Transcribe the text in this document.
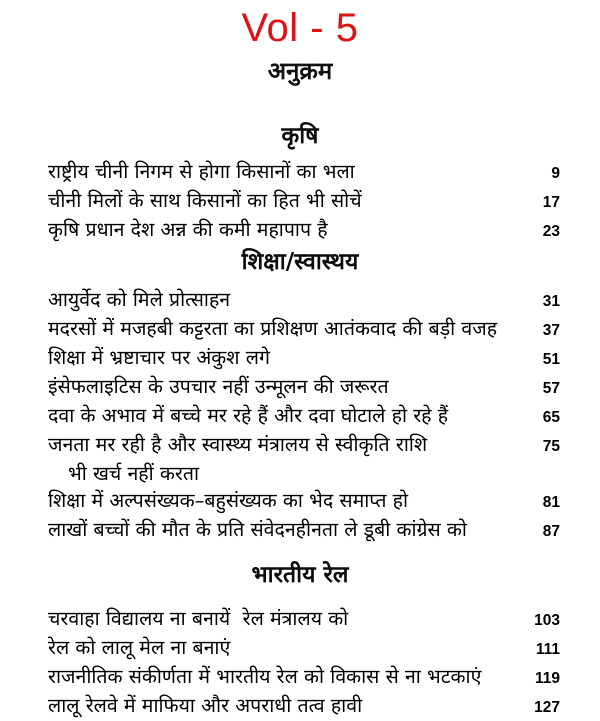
Vol - 5
अनुक्रम
कृषि
राष्ट्रीय चीनी निगम से होगा किसानों का भला	9
चीनी मिलों के साथ किसानों का हित भी सोचें	17
कृषि प्रधान देश अन्न की कमी महापाप है	23
शिक्षा/स्वास्थय
आयुर्वेद को मिले प्रोत्साहन	31
मदरसों में मजहबी कट्टरता का प्रशिक्षण आतंकवाद की बड़ी वजह	37
शिक्षा में भ्रष्टाचार पर अंकुश लगे	51
इंसेफलाइटिस के उपचार नहीं उन्मूलन की जरूरत	57
दवा के अभाव में बच्चे मर रहे हैं और दवा घोटाले हो रहे हैं	65
जनता मर रही है और स्वास्थ्य मंत्रालय से स्वीकृति राशि	75
भी खर्च नहीं करता
शिक्षा में अल्पसंख्यक–बहुसंख्यक का भेद समाप्त हो	81
लाखों बच्चों की मौत के प्रति संवेदनहीनता ले डूबी कांग्रेस को	87
भारतीय रेल
चरवाहा विद्यालय ना बनायें  रेल मंत्रालय को	103
रेल को लालू मेल ना बनाएं	111
राजनीतिक संकीर्णता में भारतीय रेल को विकास से ना भटकाएं	119
लालू रेलवे में माफिया और अपराधी तत्व हावी	127
